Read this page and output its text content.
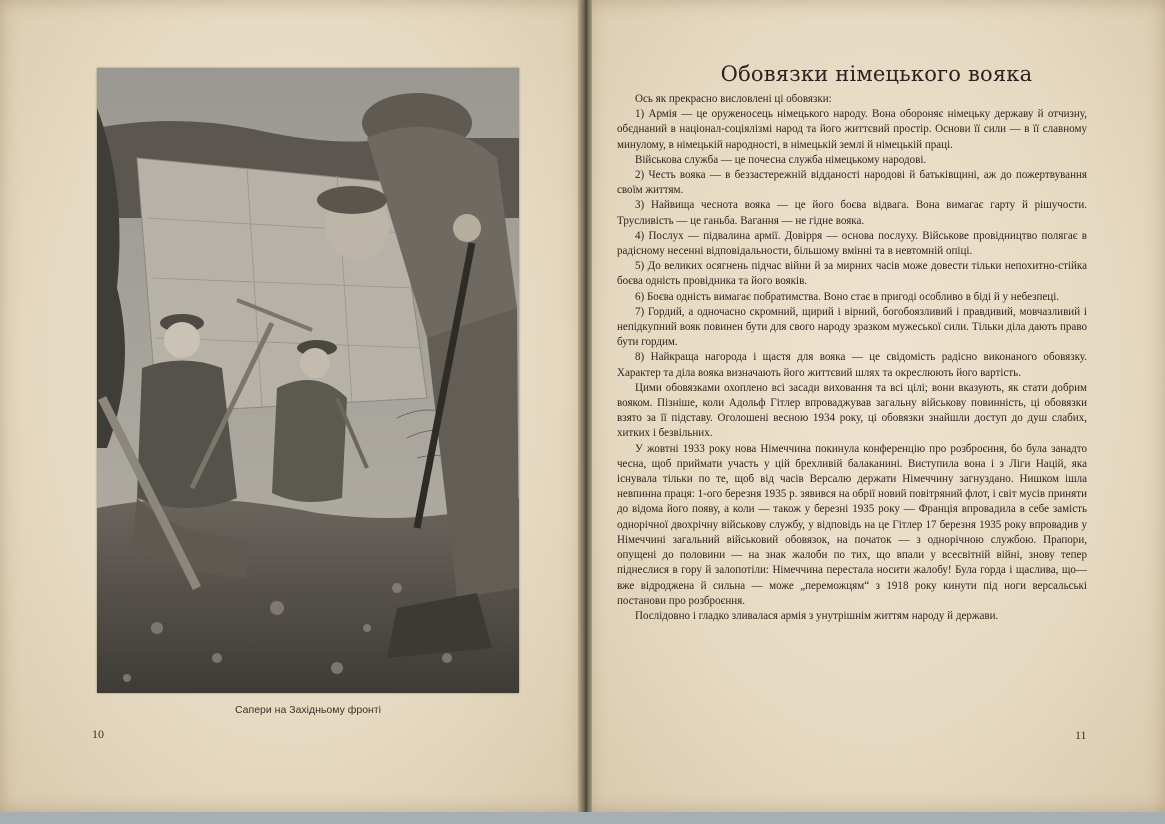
Сапери на Західньому фронті
10
Обовязки німецького вояка

Ось як прекрасно висловлені ці обовязки:

1) Армія — це оруженосець німецького народу. Вона обороняє німецьку державу й отчизну, обєднаний в націонал-соціялізмі народ та його життєвий простір. Основи її сили — в її славному минулому, в німецькій народності, в німецькій землі й німецькій праці.

Військова служба — це почесна служба німецькому народові.

2) Честь вояка — в беззастережній відданості народові й батьківщині, аж до пожертвування своїм життям.

3) Найвища чеснота вояка — це його боєва відвага. Вона вимагає гарту й рішучости. Трусливість — це ганьба. Вагання — не гідне вояка.

4) Послух — підвалина армії. Довірря — основа послуху. Військове провідництво полягає в радісному несенні відповідальности, більшому вмінні та в невтомній опіці.

5) До великих осягнень підчас війни й за мирних часів може довести тільки непохитно-стійка боєва одність провідника та його вояків.

6) Боєва одність вимагає побратимства. Воно стає в пригоді особливо в біді й у небезпеці.

7) Гордий, а одночасно скромний, щирий і вірний, богобоязливий і правдивий, мовчазливий і непідкупний вояк повинен бути для свого народу зразком мужеської сили. Тільки діла дають право бути гордим.

8) Найкраща нагорода і щастя для вояка — це свідомість радісно виконаного обовязку. Характер та діла вояка визначають його життєвий шлях та окреслюють його вартість.

Цими обовязками охоплено всі засади виховання та всі цілі; вони вказують, як стати добрим вояком. Пізніше, коли Адольф Гітлер впроваджував загальну військову повинність, ці обовязки взято за її підставу. Оголошені весною 1934 року, ці обовязки знайшли доступ до душ слабих, хитких і безвільних.

У жовтні 1933 року нова Німеччина покинула конференцію про розброєння, бо була занадто чесна, щоб приймати участь у цій брехливій балаканині. Виступила вона і з Ліги Націй, яка існувала тільки по те, щоб від часів Версалю держати Німеччину загнуздано. Нишком ішла невпинна праця: 1-ого березня 1935 р. зявився на обрії новий повітряний флот, і світ мусів приняти до відома його появу, а коли — також у березні 1935 року — Франція впровадила в себе замість однорічної двохрічну військову службу, у відповідь на це Гітлер 17 березня 1935 року впровадив у Німеччині загальний військовий обовязок, на початок — з однорічною службою. Прапори, опущені до половини — на знак жалоби по тих, що впали у всесвітній війні, знову тепер піднеслися в гору й залопотіли: Німеччина перестала носити жалобу! Була горда і щаслива, що—вже відроджена й сильна — може „переможцям“ з 1918 року кинути під ноги версальські постанови про розброєння.

Послідовно і гладко зливалася армія з унутрішнім життям народу й держави.

11
